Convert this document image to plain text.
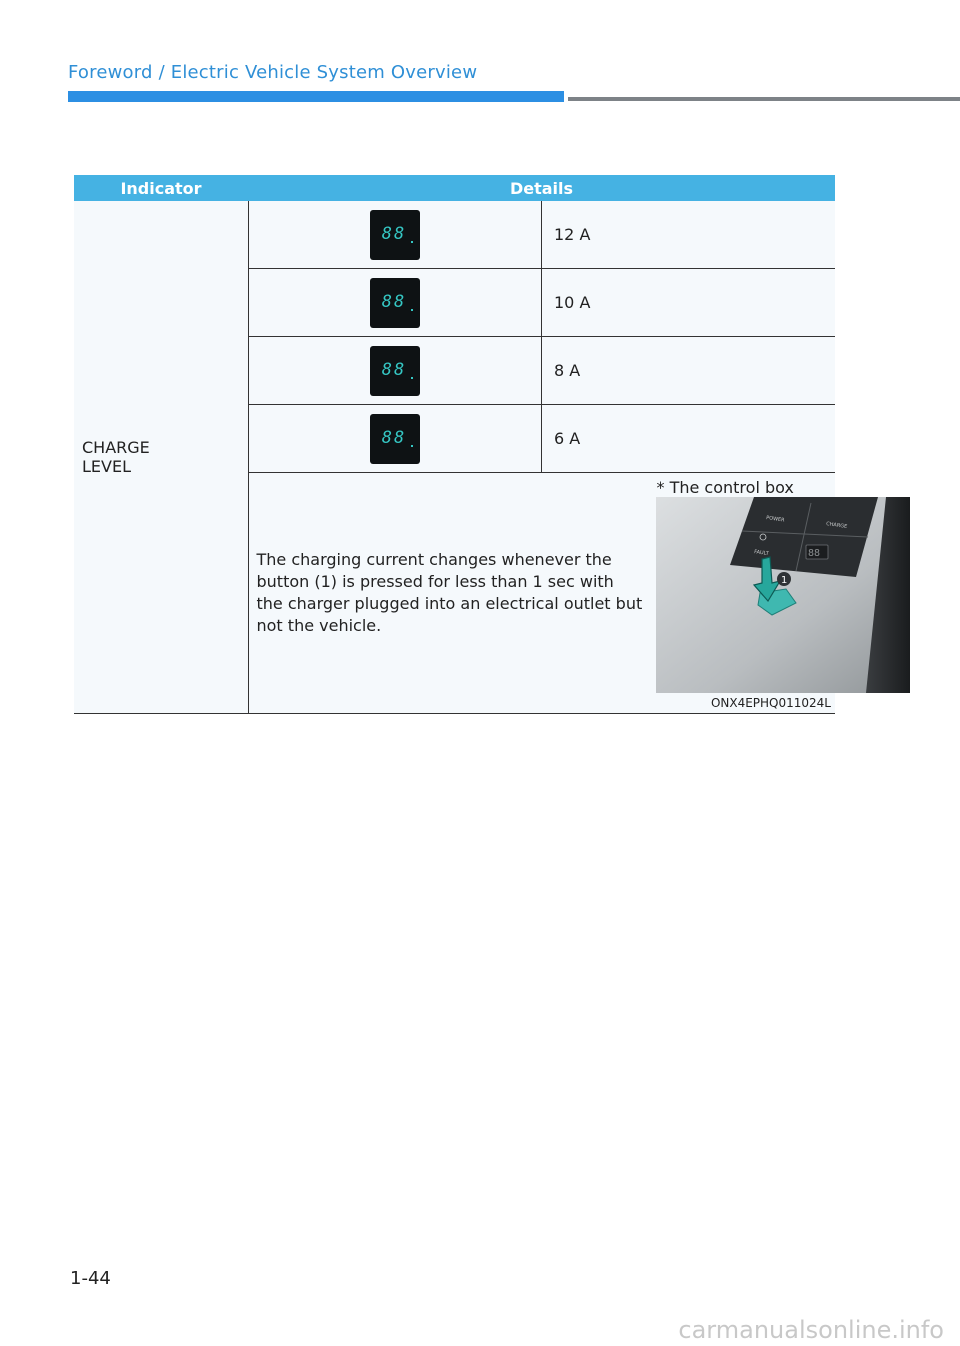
Foreword / Electric Vehicle System Overview
Indicator	Details

CHARGE
LEVEL

88	12 A

88	10 A

88	8 A

88	6 A

The charging current changes whenever the button (1) is pressed for less than 1 sec with the charger plugged into an electrical outlet but not the vehicle.	
* The control box
POWER
CHARGE
FAULT	88
1
ONX4EPHQ011024L
1-44
carmanualsonline.info
